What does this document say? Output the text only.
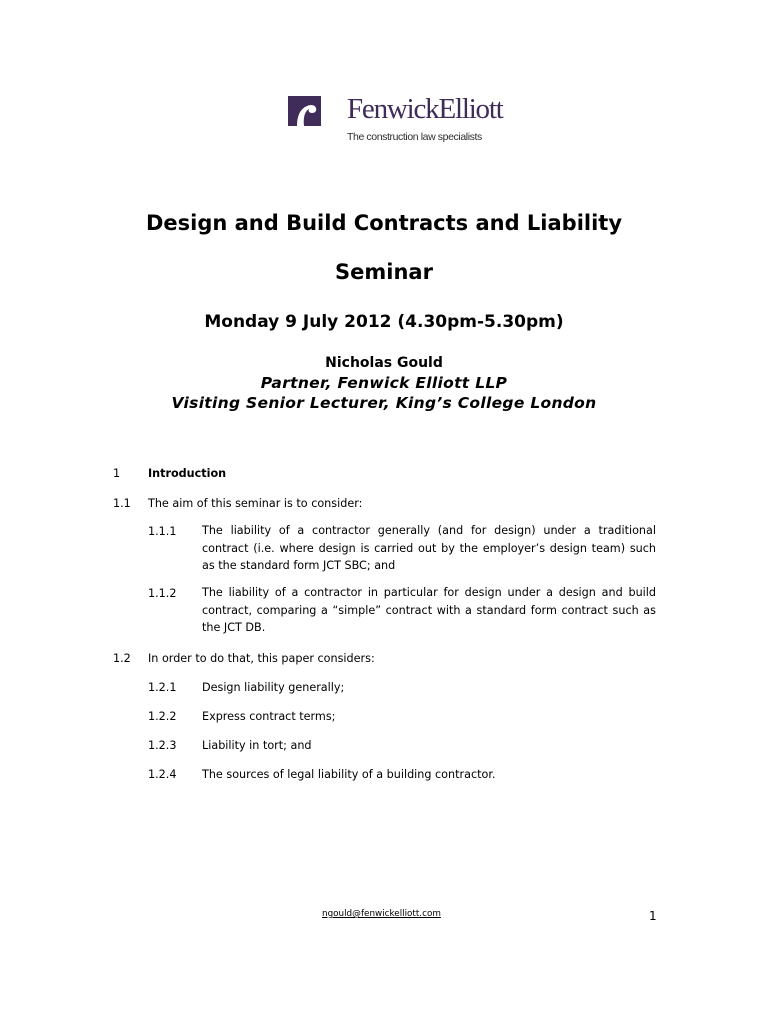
FenwickElliott
The construction law specialists
Design and Build Contracts and Liability
Seminar
Monday 9 July 2012 (4.30pm-5.30pm)
Nicholas Gould
Partner, Fenwick Elliott LLP
Visiting Senior Lecturer, King’s College London
1 Introduction
1.1 The aim of this seminar is to consider:
1.1.1 The liability of a contractor generally (and for design) under a traditional contract (i.e. where design is carried out by the employer’s design team) such as the standard form JCT SBC; and
1.1.2 The liability of a contractor in particular for design under a design and build contract, comparing a “simple” contract with a standard form contract such as the JCT DB.
1.2 In order to do that, this paper considers:
1.2.1 Design liability generally;
1.2.2 Express contract terms;
1.2.3 Liability in tort; and
1.2.4 The sources of legal liability of a building contractor.
ngould@fenwickelliott.com	1
